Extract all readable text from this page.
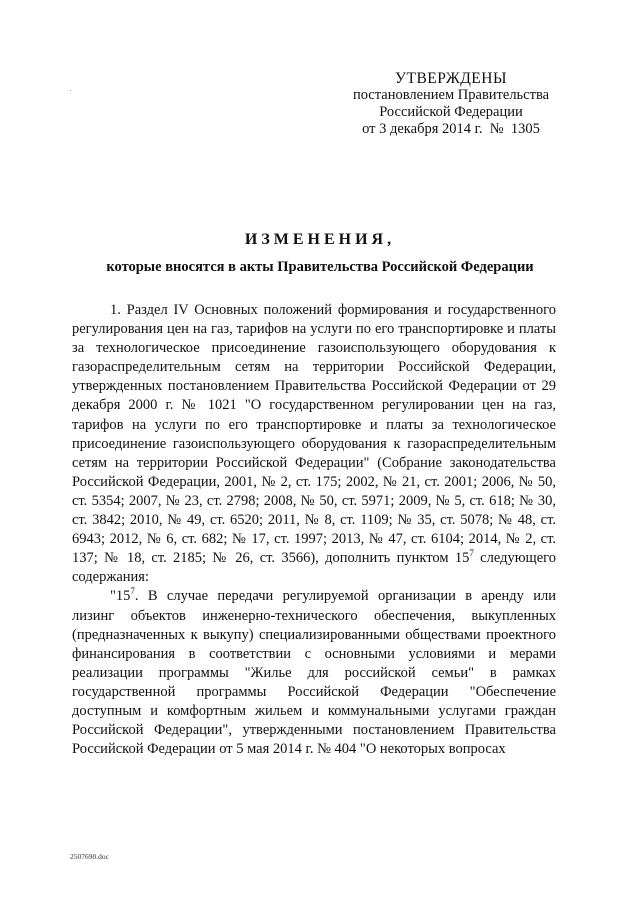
УТВЕРЖДЕНЫ
постановлением Правительства
Российской Федерации
от 3 декабря 2014 г.  №  1305
ИЗМЕНЕНИЯ,
которые вносятся в акты Правительства Российской Федерации

1. Раздел IV Основных положений формирования и государственного регулирования цен на газ, тарифов на услуги по его транспортировке и платы за технологическое присоединение газоиспользующего оборудования к газораспределительным сетям на территории Российской Федерации, утвержденных постановлением Правительства Российской Федерации от 29 декабря 2000 г. № 1021 "О государственном регулировании цен на газ, тарифов на услуги по его транспортировке и платы за технологическое присоединение газоиспользующего оборудования к газораспределительным сетям на территории Российской Федерации" (Собрание законодательства Российской Федерации, 2001, № 2, ст. 175; 2002, № 21, ст. 2001; 2006, № 50, ст. 5354; 2007, № 23, ст. 2798; 2008, № 50, ст. 5971; 2009, № 5, ст. 618; № 30, ст. 3842; 2010, № 49, ст. 6520; 2011, № 8, ст. 1109; № 35, ст. 5078; № 48, ст. 6943; 2012, № 6, ст. 682; № 17, ст. 1997; 2013, № 47, ст. 6104; 2014, № 2, ст. 137; № 18, ст. 2185; № 26, ст. 3566), дополнить пунктом $15^7$ следующего содержания:

"$15^7$. В случае передачи регулируемой организации в аренду или лизинг объектов инженерно-технического обеспечения, выкупленных (предназначенных к выкупу) специализированными обществами проектного финансирования в соответствии с основными условиями и мерами реализации программы "Жилье для российской семьи" в рамках государственной программы Российской Федерации "Обеспечение доступным и комфортным жильем и коммунальными услугами граждан Российской Федерации", утвержденными постановлением Правительства Российской Федерации от 5 мая 2014 г. № 404 "О некоторых вопросах

2507690.doc
